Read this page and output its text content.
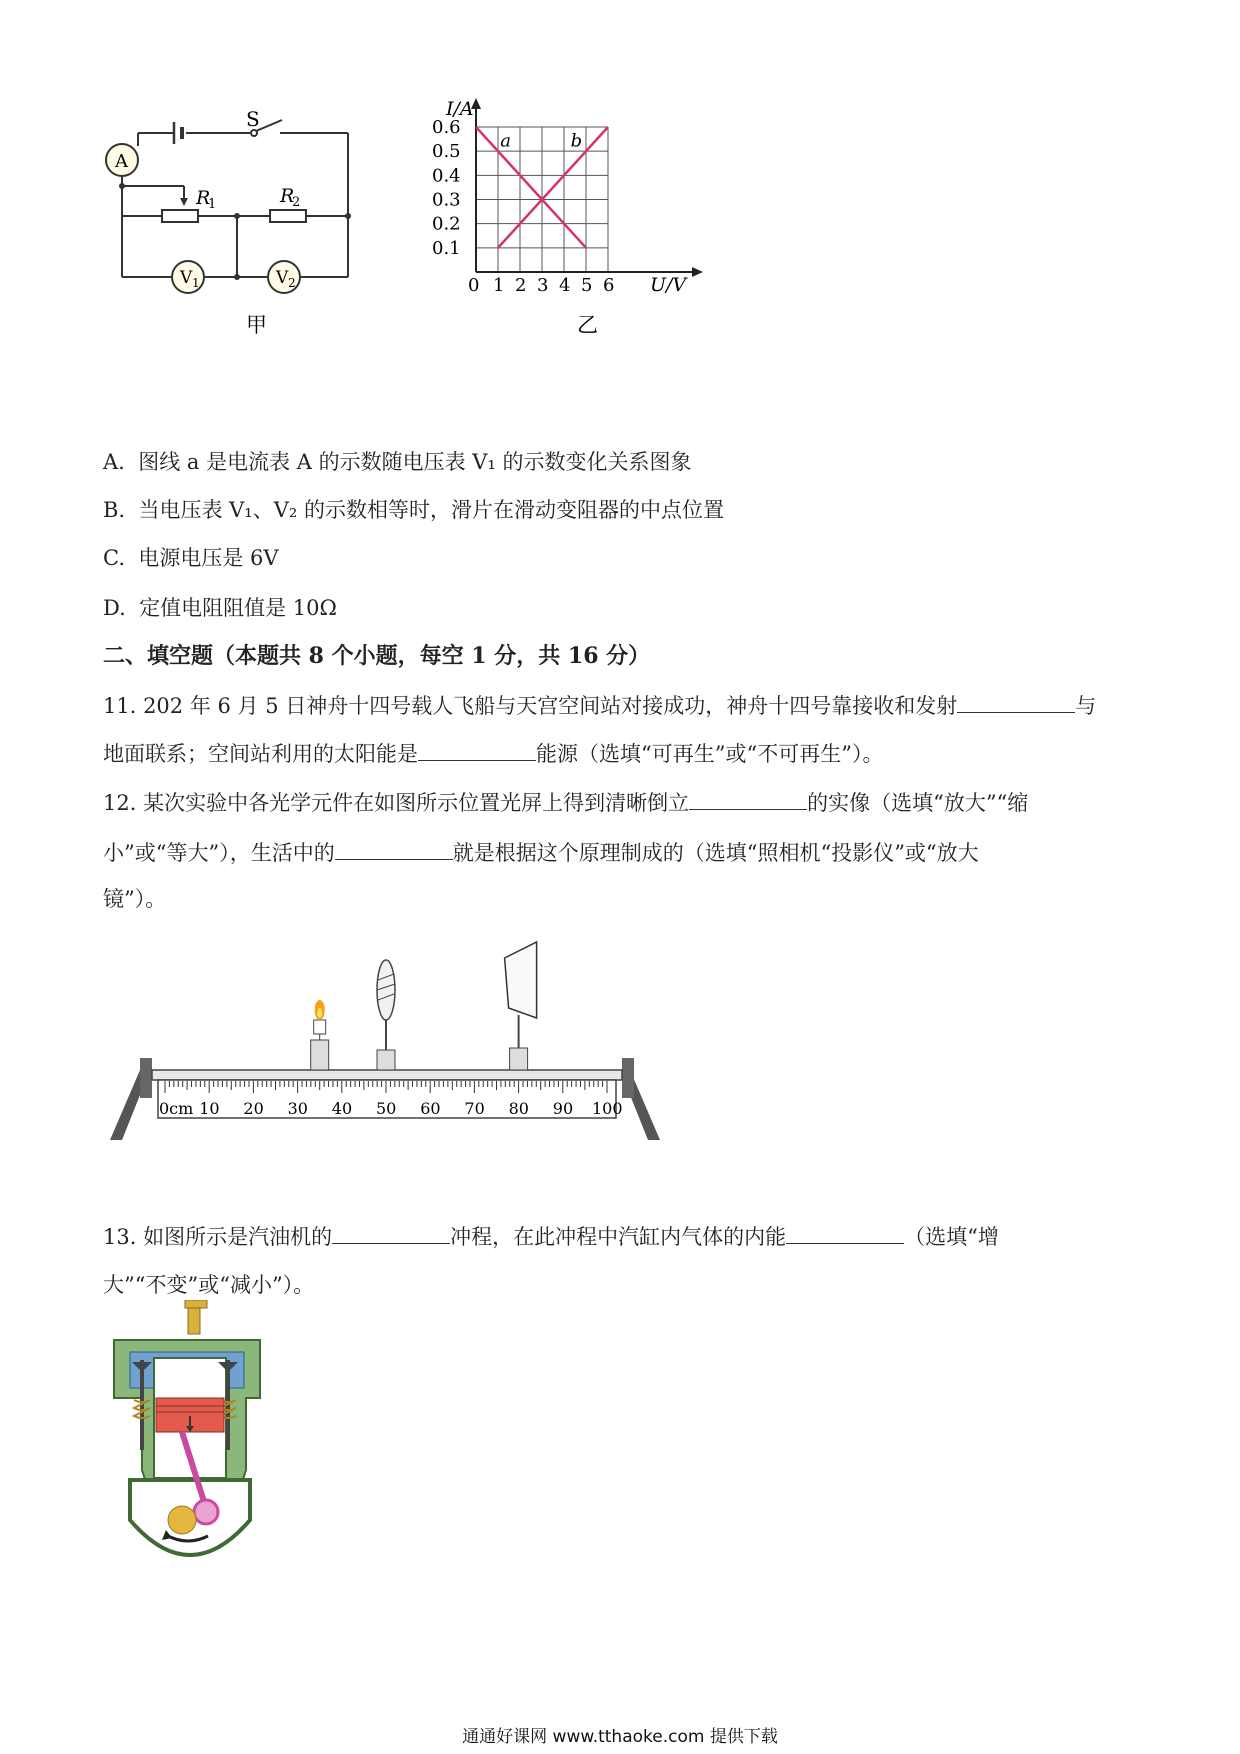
S
A
R
1	R
2
V 1	V 2
甲
0.6
0.5
0.4
0.3
0.2
0.1
0 1 2 3 4 5 6
I/A
U/V
a	b
乙
A. 图线 a 是电流表 A 的示数随电压表 V₁ 的示数变化关系图象
B. 当电压表 V₁、V₂ 的示数相等时，滑片在滑动变阻器的中点位置
C. 电源电压是 6V
D. 定值电阻阻值是 10Ω
二、填空题（本题共 8 个小题，每空 1 分，共 16 分）
11. 202 年 6 月 5 日神舟十四号载人飞船与天宫空间站对接成功，神舟十四号靠接收和发射	与
地面联系；空间站利用的太阳能是	能源（选填“可再生”或“不可再生”）。
12. 某次实验中各光学元件在如图所示位置光屏上得到清晰倒立	的实像（选填“放大”“缩
小”或“等大”），生活中的	就是根据这个原理制成的（选填“照相机“投影仪”或“放大
镜”）。
0cm 10 20 30 40 50 60 70 80 90 100
13. 如图所示是汽油机的	冲程，在此冲程中汽缸内气体的内能	（选填“增
大”“不变”或“减小”）。
通通好课网 www.tthaoke.com 提供下载
